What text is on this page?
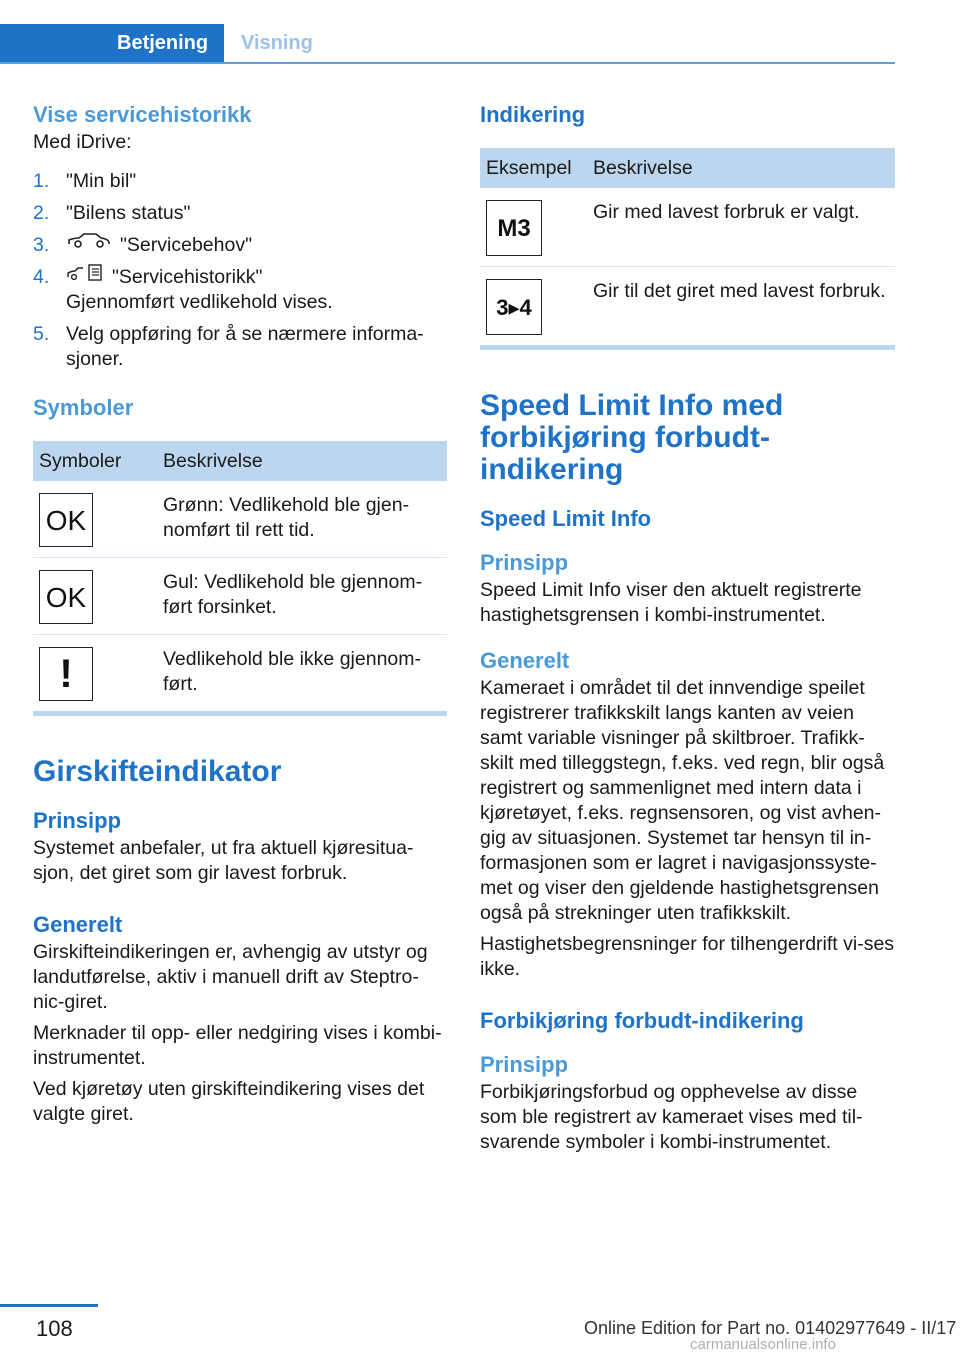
Betjening Visning
Vise servicehistorikk

Med iDrive:

1. "Min bil"
2. "Bilens status"
3.	"Servicebehov"
4.	"Servicehistorikk"
Gjennomført vedlikehold vises.
5. Velg oppføring for å se nærmere informa-sjoner.
Symboler
Symboler	Beskrivelse

OK	Grønn: Vedlikehold ble gjen-nomført til rett tid.

OK	Gul: Vedlikehold ble gjennom-ført forsinket.

!	Vedlikehold ble ikke gjennom-ført.
Girskifteindikator
Prinsipp

Systemet anbefaler, ut fra aktuell kjøresitua-sjon, det giret som gir lavest forbruk.

Generelt

Girskifteindikeringen er, avhengig av utstyr og landutførelse, aktiv i manuell drift av Steptro-nic-giret.

Merknader til opp- eller nedgiring vises i kombi-instrumentet.

Ved kjøretøy uten girskifteindikering vises det valgte giret.

Indikering
Eksempel	Beskrivelse

M3	Gir med lavest forbruk er valgt.

3▸4	Gir til det giret med lavest forbruk.
Speed Limit Info med forbikjøring forbudt-indikering
Speed Limit Info
Prinsipp

Speed Limit Info viser den aktuelt registrerte hastighetsgrensen i kombi-instrumentet.

Generelt

Kameraet i området til det innvendige speilet registrerer trafikkskilt langs kanten av veien samt variable visninger på skiltbroer. Trafikk-skilt med tilleggstegn, f.eks. ved regn, blir også registrert og sammenlignet med intern data i kjøretøyet, f.eks. regnsensoren, og vist avhen-gig av situasjonen. Systemet tar hensyn til in-formasjonen som er lagret i navigasjonssyste-met og viser den gjeldende hastighetsgrensen også på strekninger uten trafikkskilt.

Hastighetsbegrensninger for tilhengerdrift vi-ses ikke.

Forbikjøring forbudt-indikering
Prinsipp

Forbikjøringsforbud og opphevelse av disse som ble registrert av kameraet vises med til-svarende symboler i kombi-instrumentet.

108	Online Edition for Part no. 01402977649 - II/17
carmanualsonline.info
